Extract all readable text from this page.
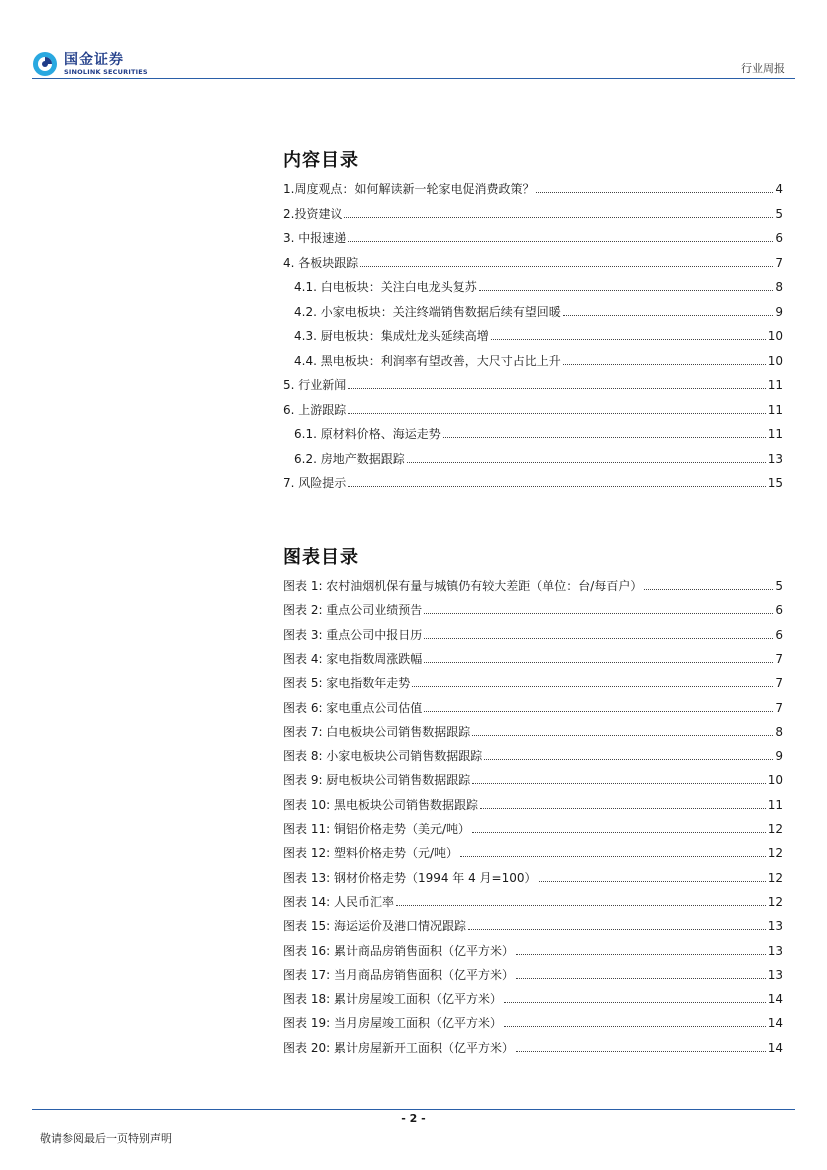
国金证券
SINOLINK SECURITIES	行业周报
内容目录
图表目录
- 2 -
敬请参阅最后一页特别声明
1.周度观点：如何解读新一轮家电促消费政策？	4
2.投资建议	5
3. 中报速递	6
4. 各板块跟踪	7
4.1. 白电板块：关注白电龙头复苏	8
4.2. 小家电板块：关注终端销售数据后续有望回暖	9
4.3. 厨电板块：集成灶龙头延续高增	10
4.4. 黑电板块：利润率有望改善，大尺寸占比上升	10
5. 行业新闻	11
6. 上游跟踪	11
6.1. 原材料价格、海运走势	11
6.2. 房地产数据跟踪	13
7. 风险提示	15
图表 1: 农村油烟机保有量与城镇仍有较大差距（单位：台/每百户）	5
图表 2: 重点公司业绩预告	6
图表 3: 重点公司中报日历	6
图表 4: 家电指数周涨跌幅	7
图表 5: 家电指数年走势	7
图表 6: 家电重点公司估值	7
图表 7: 白电板块公司销售数据跟踪	8
图表 8: 小家电板块公司销售数据跟踪	9
图表 9: 厨电板块公司销售数据跟踪	10
图表 10: 黑电板块公司销售数据跟踪	11
图表 11: 铜铝价格走势（美元/吨）	12
图表 12: 塑料价格走势（元/吨）	12
图表 13: 钢材价格走势（1994 年 4 月=100）	12
图表 14: 人民币汇率	12
图表 15: 海运运价及港口情况跟踪	13
图表 16: 累计商品房销售面积（亿平方米）	13
图表 17: 当月商品房销售面积（亿平方米）	13
图表 18: 累计房屋竣工面积（亿平方米）	14
图表 19: 当月房屋竣工面积（亿平方米）	14
图表 20: 累计房屋新开工面积（亿平方米）	14
